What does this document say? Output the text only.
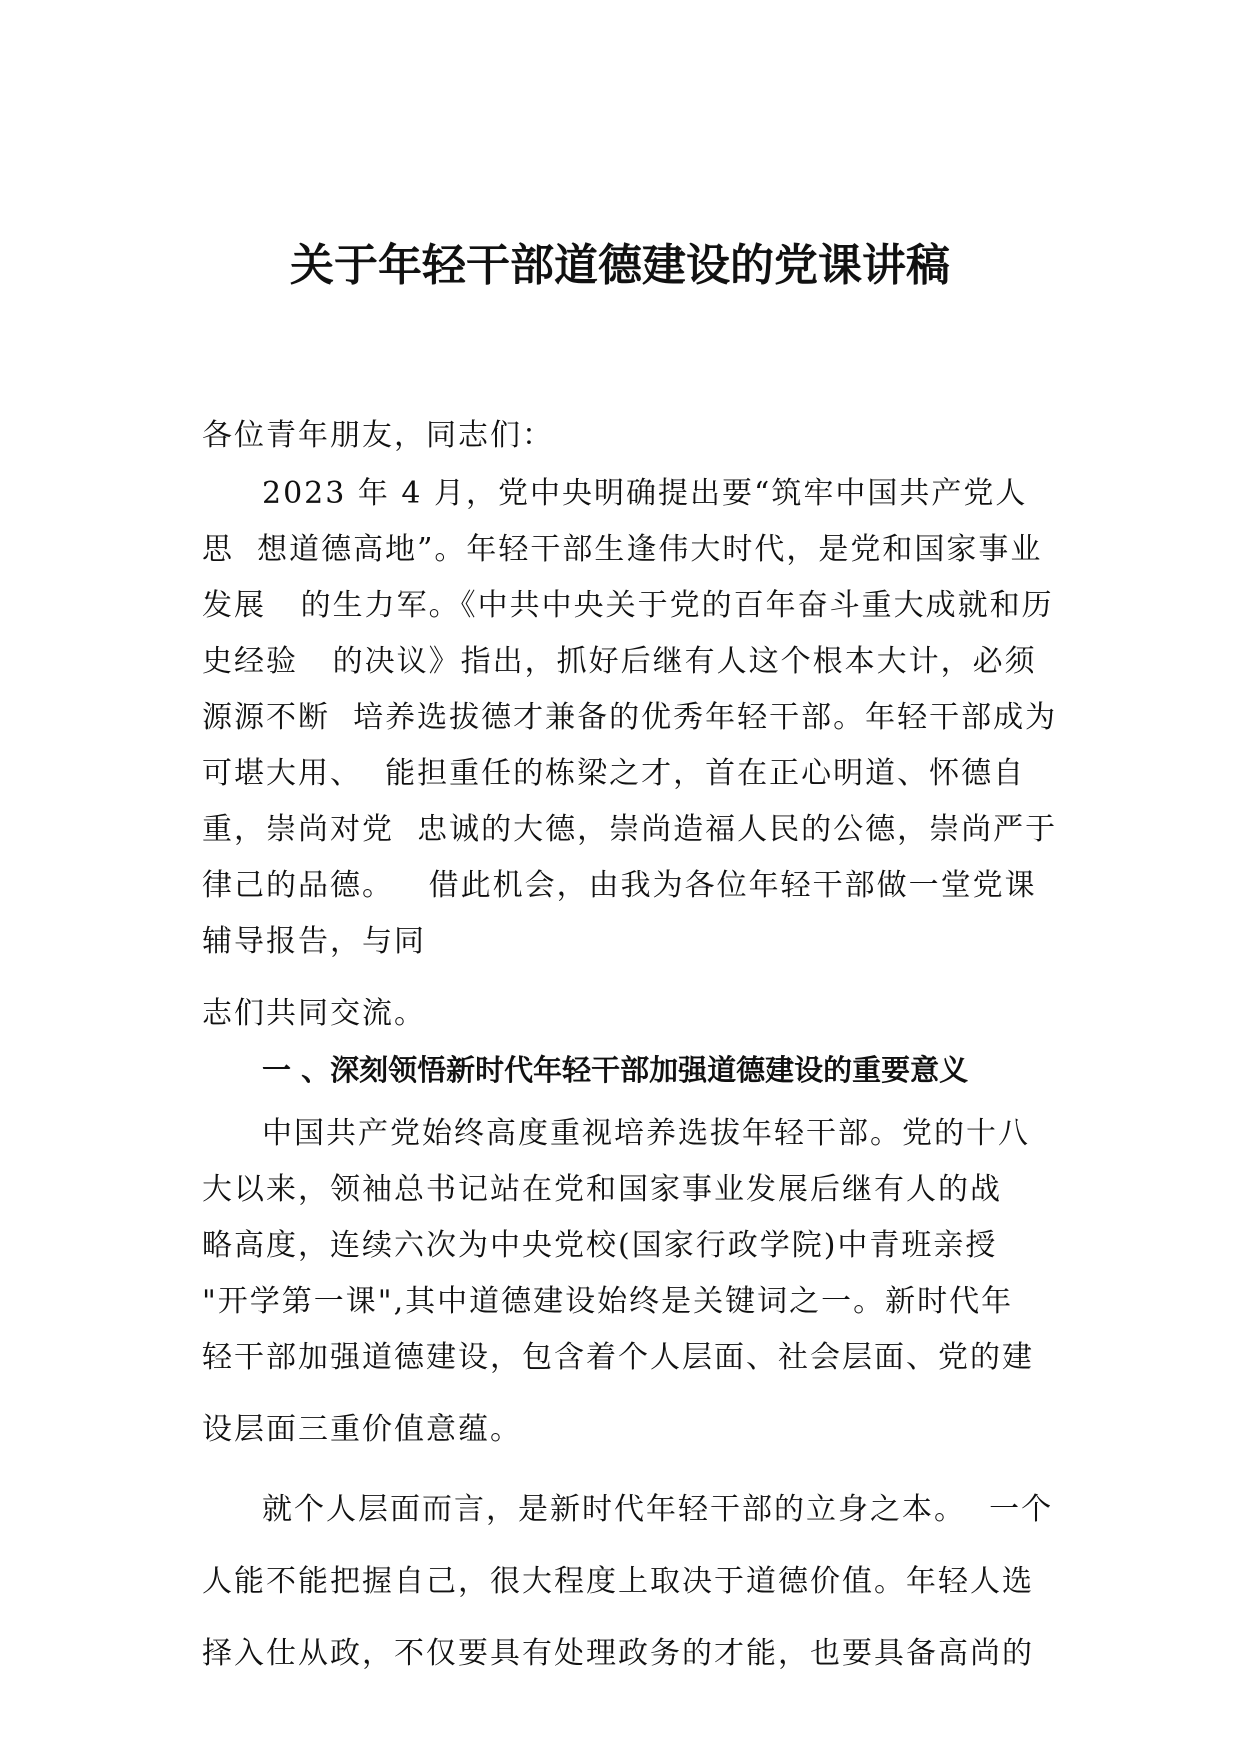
关于年轻干部道德建设的党课讲稿
各位青年朋友，同志们：
2023 年 4 月，党中央明确提出要“筑牢中国共产党人
思  想道德高地”。年轻干部生逢伟大时代，是党和国家事业
发展   的生力军。《中共中央关于党的百年奋斗重大成就和历
史经验   的决议》指出，抓好后继有人这个根本大计，必须
源源不断  培养选拔德才兼备的优秀年轻干部。年轻干部成为
可堪大用、  能担重任的栋梁之才，首在正心明道、怀德自
重，崇尚对党  忠诚的大德，崇尚造福人民的公德，崇尚严于
律己的品德。   借此机会，由我为各位年轻干部做一堂党课
辅导报告，与同
志们共同交流。
一 、深刻领悟新时代年轻干部加强道德建设的重要意义
中国共产党始终高度重视培养选拔年轻干部。党的十八
大以来，领袖总书记站在党和国家事业发展后继有人的战
略高度，连续六次为中央党校(国家行政学院)中青班亲授
"开学第一课",其中道德建设始终是关键词之一。新时代年
轻干部加强道德建设，包含着个人层面、社会层面、党的建
设层面三重价值意蕴。
就个人层面而言，是新时代年轻干部的立身之本。  一个
人能不能把握自己，很大程度上取决于道德价值。年轻人选
择入仕从政，不仅要具有处理政务的才能，也要具备高尚的
